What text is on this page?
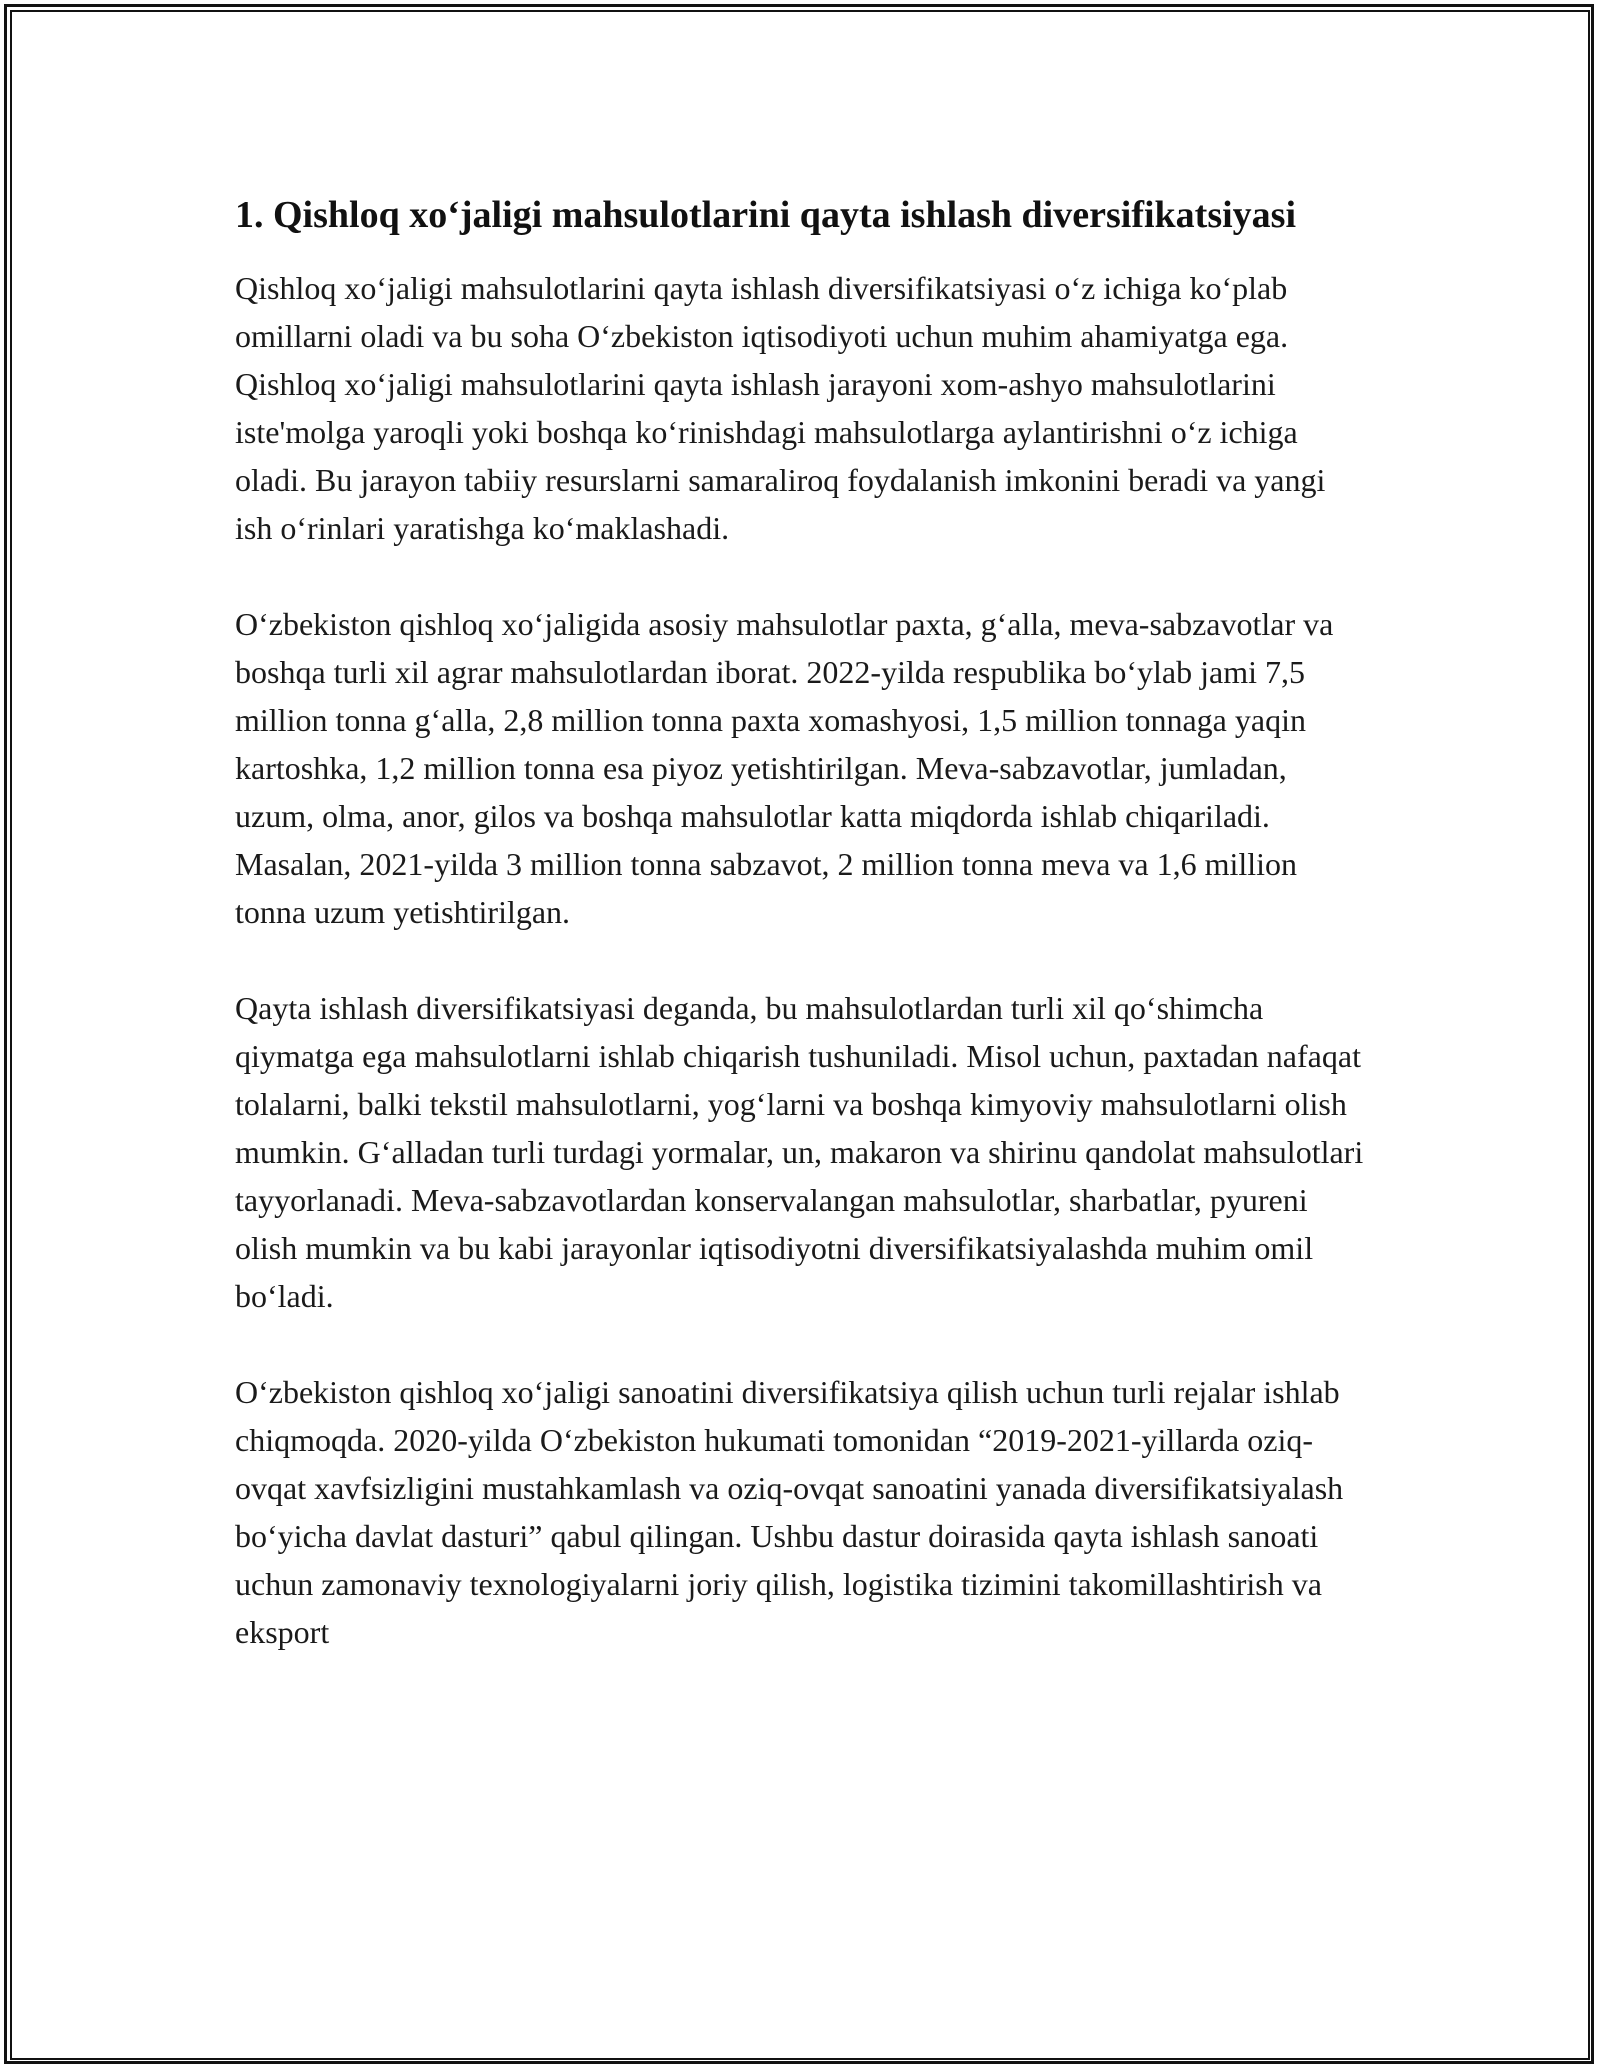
1. Qishloq xo‘jaligi mahsulotlarini qayta ishlash diversifikatsiyasi

Qishloq xo‘jaligi mahsulotlarini qayta ishlash diversifikatsiyasi o‘z ichiga ko‘plab omillarni oladi va bu soha O‘zbekiston iqtisodiyoti uchun muhim ahamiyatga ega. Qishloq xo‘jaligi mahsulotlarini qayta ishlash jarayoni xom-ashyo mahsulotlarini iste'molga yaroqli yoki boshqa ko‘rinishdagi mahsulotlarga aylantirishni o‘z ichiga oladi. Bu jarayon tabiiy resurslarni samaraliroq foydalanish imkonini beradi va yangi ish o‘rinlari yaratishga ko‘maklashadi.

O‘zbekiston qishloq xo‘jaligida asosiy mahsulotlar paxta, g‘alla, meva-sabzavotlar va boshqa turli xil agrar mahsulotlardan iborat. 2022-yilda respublika bo‘ylab jami 7,5 million tonna g‘alla, 2,8 million tonna paxta xomashyosi, 1,5 million tonnaga yaqin kartoshka, 1,2 million tonna esa piyoz yetishtirilgan. Meva-sabzavotlar, jumladan, uzum, olma, anor, gilos va boshqa mahsulotlar katta miqdorda ishlab chiqariladi. Masalan, 2021-yilda 3 million tonna sabzavot, 2 million tonna meva va 1,6 million tonna uzum yetishtirilgan.

Qayta ishlash diversifikatsiyasi deganda, bu mahsulotlardan turli xil qo‘shimcha qiymatga ega mahsulotlarni ishlab chiqarish tushuniladi. Misol uchun, paxtadan nafaqat tolalarni, balki tekstil mahsulotlarni, yog‘larni va boshqa kimyoviy mahsulotlarni olish mumkin. G‘alladan turli turdagi yormalar, un, makaron va shirinu qandolat mahsulotlari tayyorlanadi. Meva-sabzavotlardan konservalangan mahsulotlar, sharbatlar, pyureni olish mumkin va bu kabi jarayonlar iqtisodiyotni diversifikatsiyalashda muhim omil bo‘ladi.

O‘zbekiston qishloq xo‘jaligi sanoatini diversifikatsiya qilish uchun turli rejalar ishlab chiqmoqda. 2020-yilda O‘zbekiston hukumati tomonidan “2019-2021-yillarda oziq-ovqat xavfsizligini mustahkamlash va oziq-ovqat sanoatini yanada diversifikatsiyalash bo‘yicha davlat dasturi” qabul qilingan. Ushbu dastur doirasida qayta ishlash sanoati uchun zamonaviy texnologiyalarni joriy qilish, logistika tizimini takomillashtirish va eksport
